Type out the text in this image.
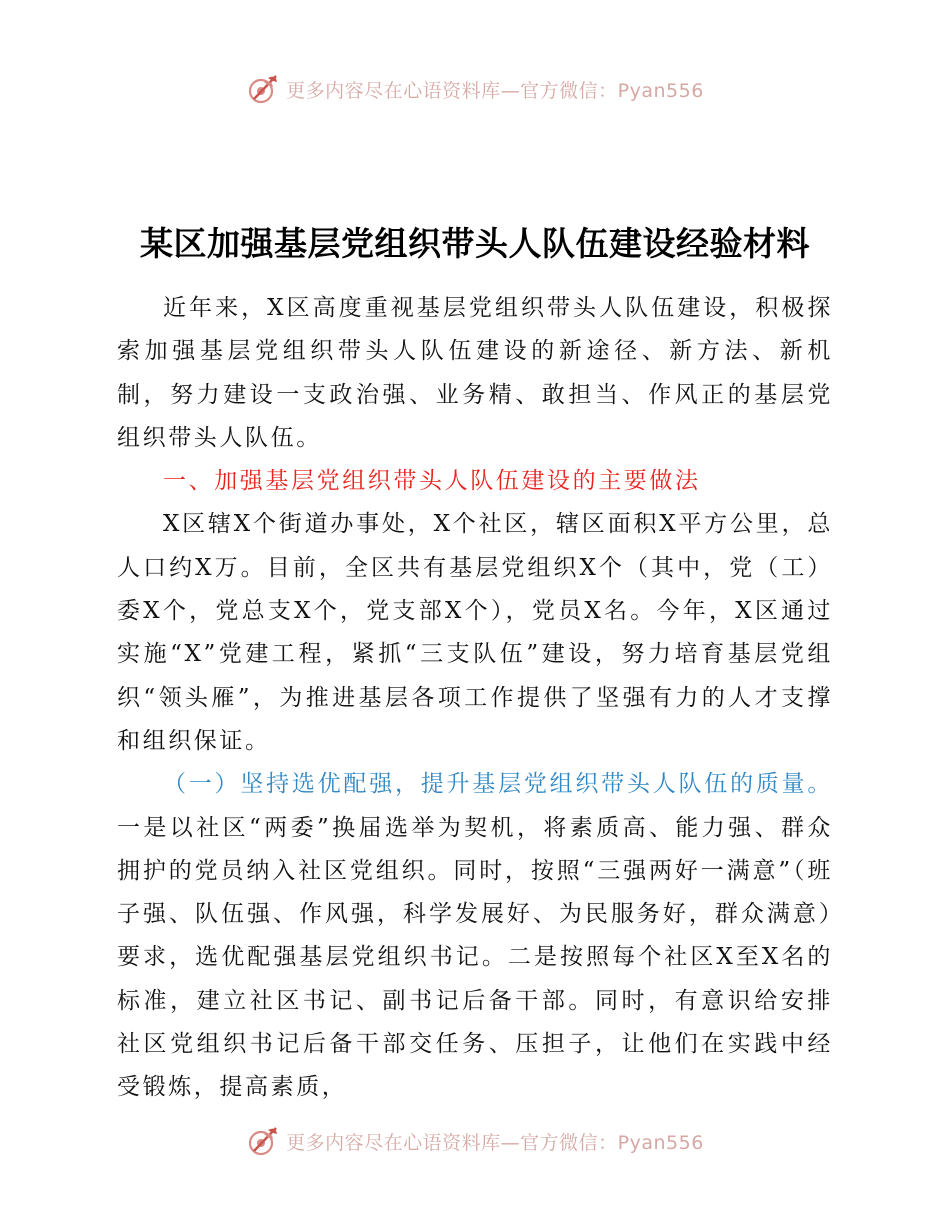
更多内容尽在心语资料库—官方微信：Pyan556
某区加强基层党组织带头人队伍建设经验材料

近年来，X区高度重视基层党组织带头人队伍建设，积极探索加强基层党组织带头人队伍建设的新途径、新方法、新机制，努力建设一支政治强、业务精、敢担当、作风正的基层党组织带头人队伍。

一、加强基层党组织带头人队伍建设的主要做法

X区辖X个街道办事处，X个社区，辖区面积X平方公里，总人口约X万。目前，全区共有基层党组织X个（其中，党（工）委X个，党总支X个，党支部X个），党员X名。今年，X区通过实施“X”党建工程，紧抓“三支队伍”建设，努力培育基层党组织“领头雁”，为推进基层各项工作提供了坚强有力的人才支撑和组织保证。

（一）坚持选优配强，提升基层党组织带头人队伍的质量。一是以社区“两委”换届选举为契机，将素质高、能力强、群众拥护的党员纳入社区党组织。同时，按照“三强两好一满意”（班子强、队伍强、作风强，科学发展好、为民服务好，群众满意）要求，选优配强基层党组织书记。二是按照每个社区X至X名的标准，建立社区书记、副书记后备干部。同时，有意识给安排社区党组织书记后备干部交任务、压担子，让他们在实践中经受锻炼，提高素质，

更多内容尽在心语资料库—官方微信：Pyan556
